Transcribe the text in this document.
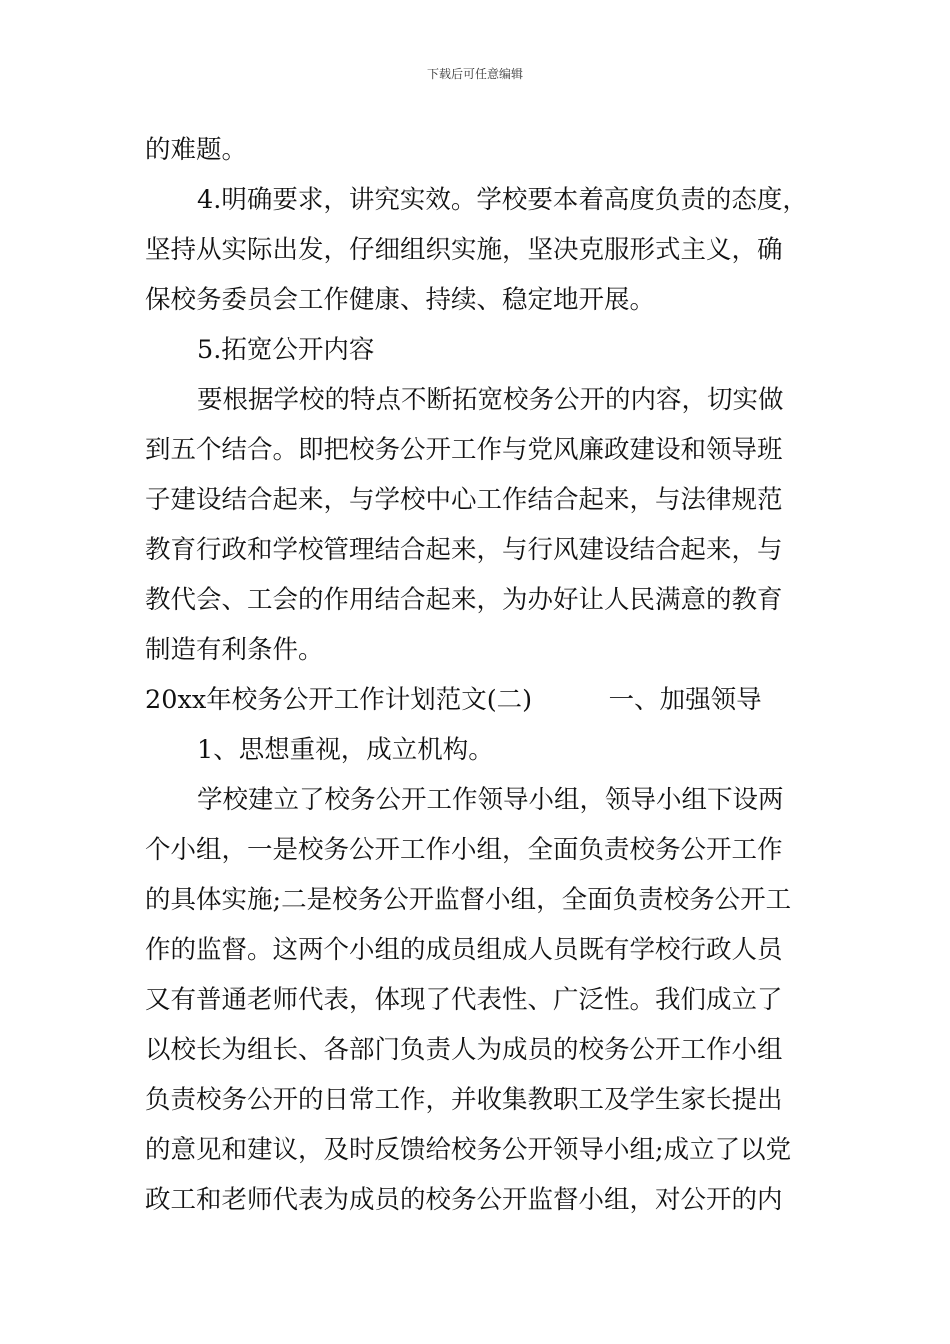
下载后可任意编辑
的难题。
4.明确要求，讲究实效。学校要本着高度负责的态度，
坚持从实际出发，仔细组织实施，坚决克服形式主义，确
保校务委员会工作健康、持续、稳定地开展。
5.拓宽公开内容
要根据学校的特点不断拓宽校务公开的内容，切实做
到五个结合。即把校务公开工作与党风廉政建设和领导班
子建设结合起来，与学校中心工作结合起来，与法律规范
教育行政和学校管理结合起来，与行风建设结合起来，与
教代会、工会的作用结合起来，为办好让人民满意的教育
制造有利条件。
20xx年校务公开工作计划范文(二)　　　一、加强领导
1、思想重视，成立机构。
学校建立了校务公开工作领导小组，领导小组下设两
个小组，一是校务公开工作小组，全面负责校务公开工作
的具体实施;二是校务公开监督小组，全面负责校务公开工
作的监督。这两个小组的成员组成人员既有学校行政人员
又有普通老师代表，体现了代表性、广泛性。我们成立了
以校长为组长、各部门负责人为成员的校务公开工作小组
负责校务公开的日常工作，并收集教职工及学生家长提出
的意见和建议，及时反馈给校务公开领导小组;成立了以党
政工和老师代表为成员的校务公开监督小组，对公开的内
